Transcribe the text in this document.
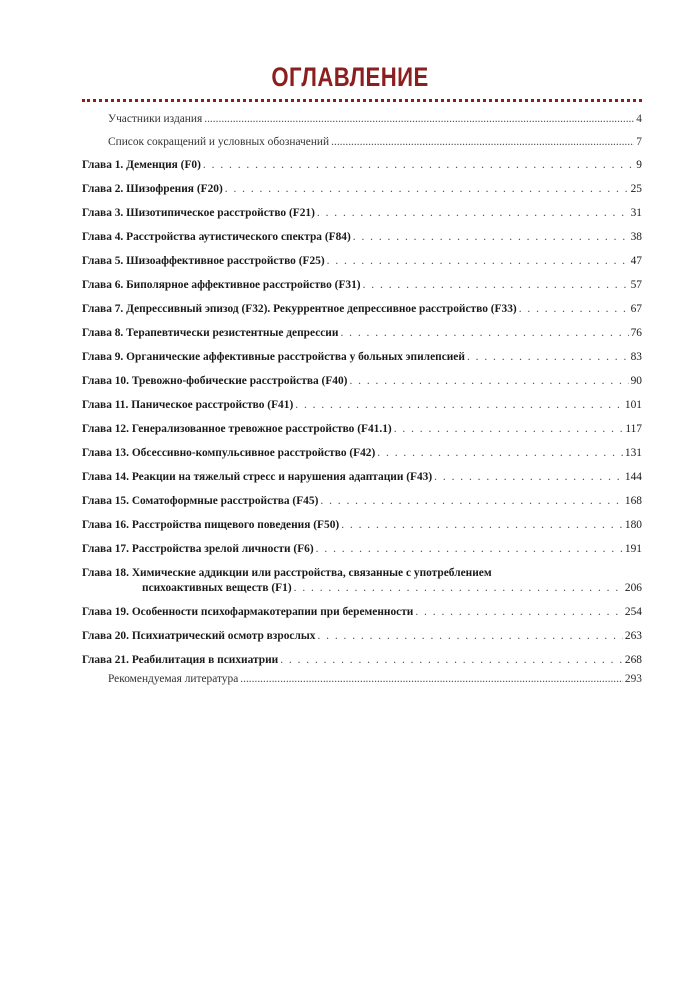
ОГЛАВЛЕНИЕ
Участники издания .....	4
Список сокращений и условных обозначений .....	7
Глава 1. Деменция (F0) . . .	9
Глава 2. Шизофрения (F20) . . .	25
Глава 3. Шизотипическое расстройство (F21) . . .	31
Глава 4. Расстройства аутистического спектра (F84) . . .	38
Глава 5. Шизоаффективное расстройство (F25) . . .	47
Глава 6. Биполярное аффективное расстройство (F31) . . .	57
Глава 7. Депрессивный эпизод (F32). Рекуррентное депрессивное расстройство (F33) . . .	67
Глава 8. Терапевтически резистентные депрессии . . .	76
Глава 9. Органические аффективные расстройства у больных эпилепсией . . .	83
Глава 10. Тревожно-фобические расстройства (F40) . . .	90
Глава 11. Паническое расстройство (F41) . . .	101
Глава 12. Генерализованное тревожное расстройство (F41.1) . . .	117
Глава 13. Обсессивно-компульсивное расстройство (F42) . . .	131
Глава 14. Реакции на тяжелый стресс и нарушения адаптации (F43) . . .	144
Глава 15. Соматоформные расстройства (F45) . . .	168
Глава 16. Расстройства пищевого поведения (F50) . . .	180
Глава 17. Расстройства зрелой личности (F6) . . .	191
Глава 18. Химические аддикции или расстройства, связанные с употреблением
психоактивных веществ (F1) . . .	206
Глава 19. Особенности психофармакотерапии при беременности . . .	254
Глава 20. Психиатрический осмотр взрослых . . .	263
Глава 21. Реабилитация в психиатрии . . .	268
Рекомендуемая литература .....	293
